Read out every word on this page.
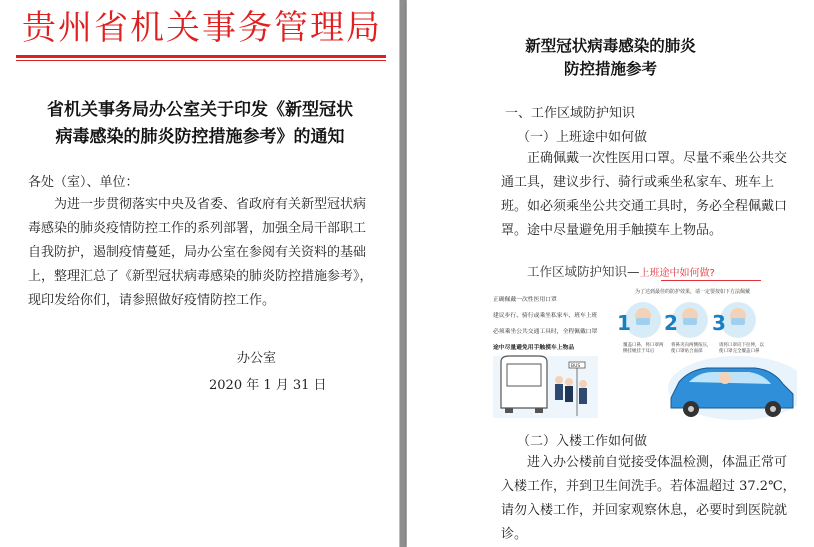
贵州省机关事务管理局
省机关事务局办公室关于印发《新型冠状
病毒感染的肺炎防控措施参考》的通知
各处（室）、单位：
为进一步贯彻落实中央及省委、省政府有关新型冠状病毒感染的肺炎疫情防控工作的系列部署，加强全局干部职工自我防护，遏制疫情蔓延，局办公室在参阅有关资料的基础上，整理汇总了《新型冠状病毒感染的肺炎防控措施参考》，现印发给你们，请参照做好疫情防控工作。
办公室
2020 年 1 月 31 日
新型冠状病毒感染的肺炎
防控措施参考
一、工作区域防护知识
（一）上班途中如何做
正确佩戴一次性医用口罩。尽量不乘坐公共交通工具，建议步行、骑行或乘坐私家车、班车上班。如必须乘坐公共交通工具时，务必全程佩戴口罩。途中尽量避免用手触摸车上物品。
1 2 3
BUS
工作区域防护知识—上班途中如何做?
正确佩戴一次性医用口罩
建议步行、骑行或乘坐私家车、班车上班
必须乘坐公共交通工具时，全程佩戴口罩
途中尽量避免用手触摸车上物品
为了达到最佳的防护效果，请一定要按如下方法佩戴
覆盖口鼻，将口罩两侧挂绳挂于耳后
将鼻夹向两侧按压，使口罩贴合面部
请将口罩向下拉伸，以使口罩完全覆盖口鼻
（二）入楼工作如何做
进入办公楼前自觉接受体温检测，体温正常可入楼工作，并到卫生间洗手。若体温超过 37.2℃，请勿入楼工作，并回家观察休息，必要时到医院就诊。
